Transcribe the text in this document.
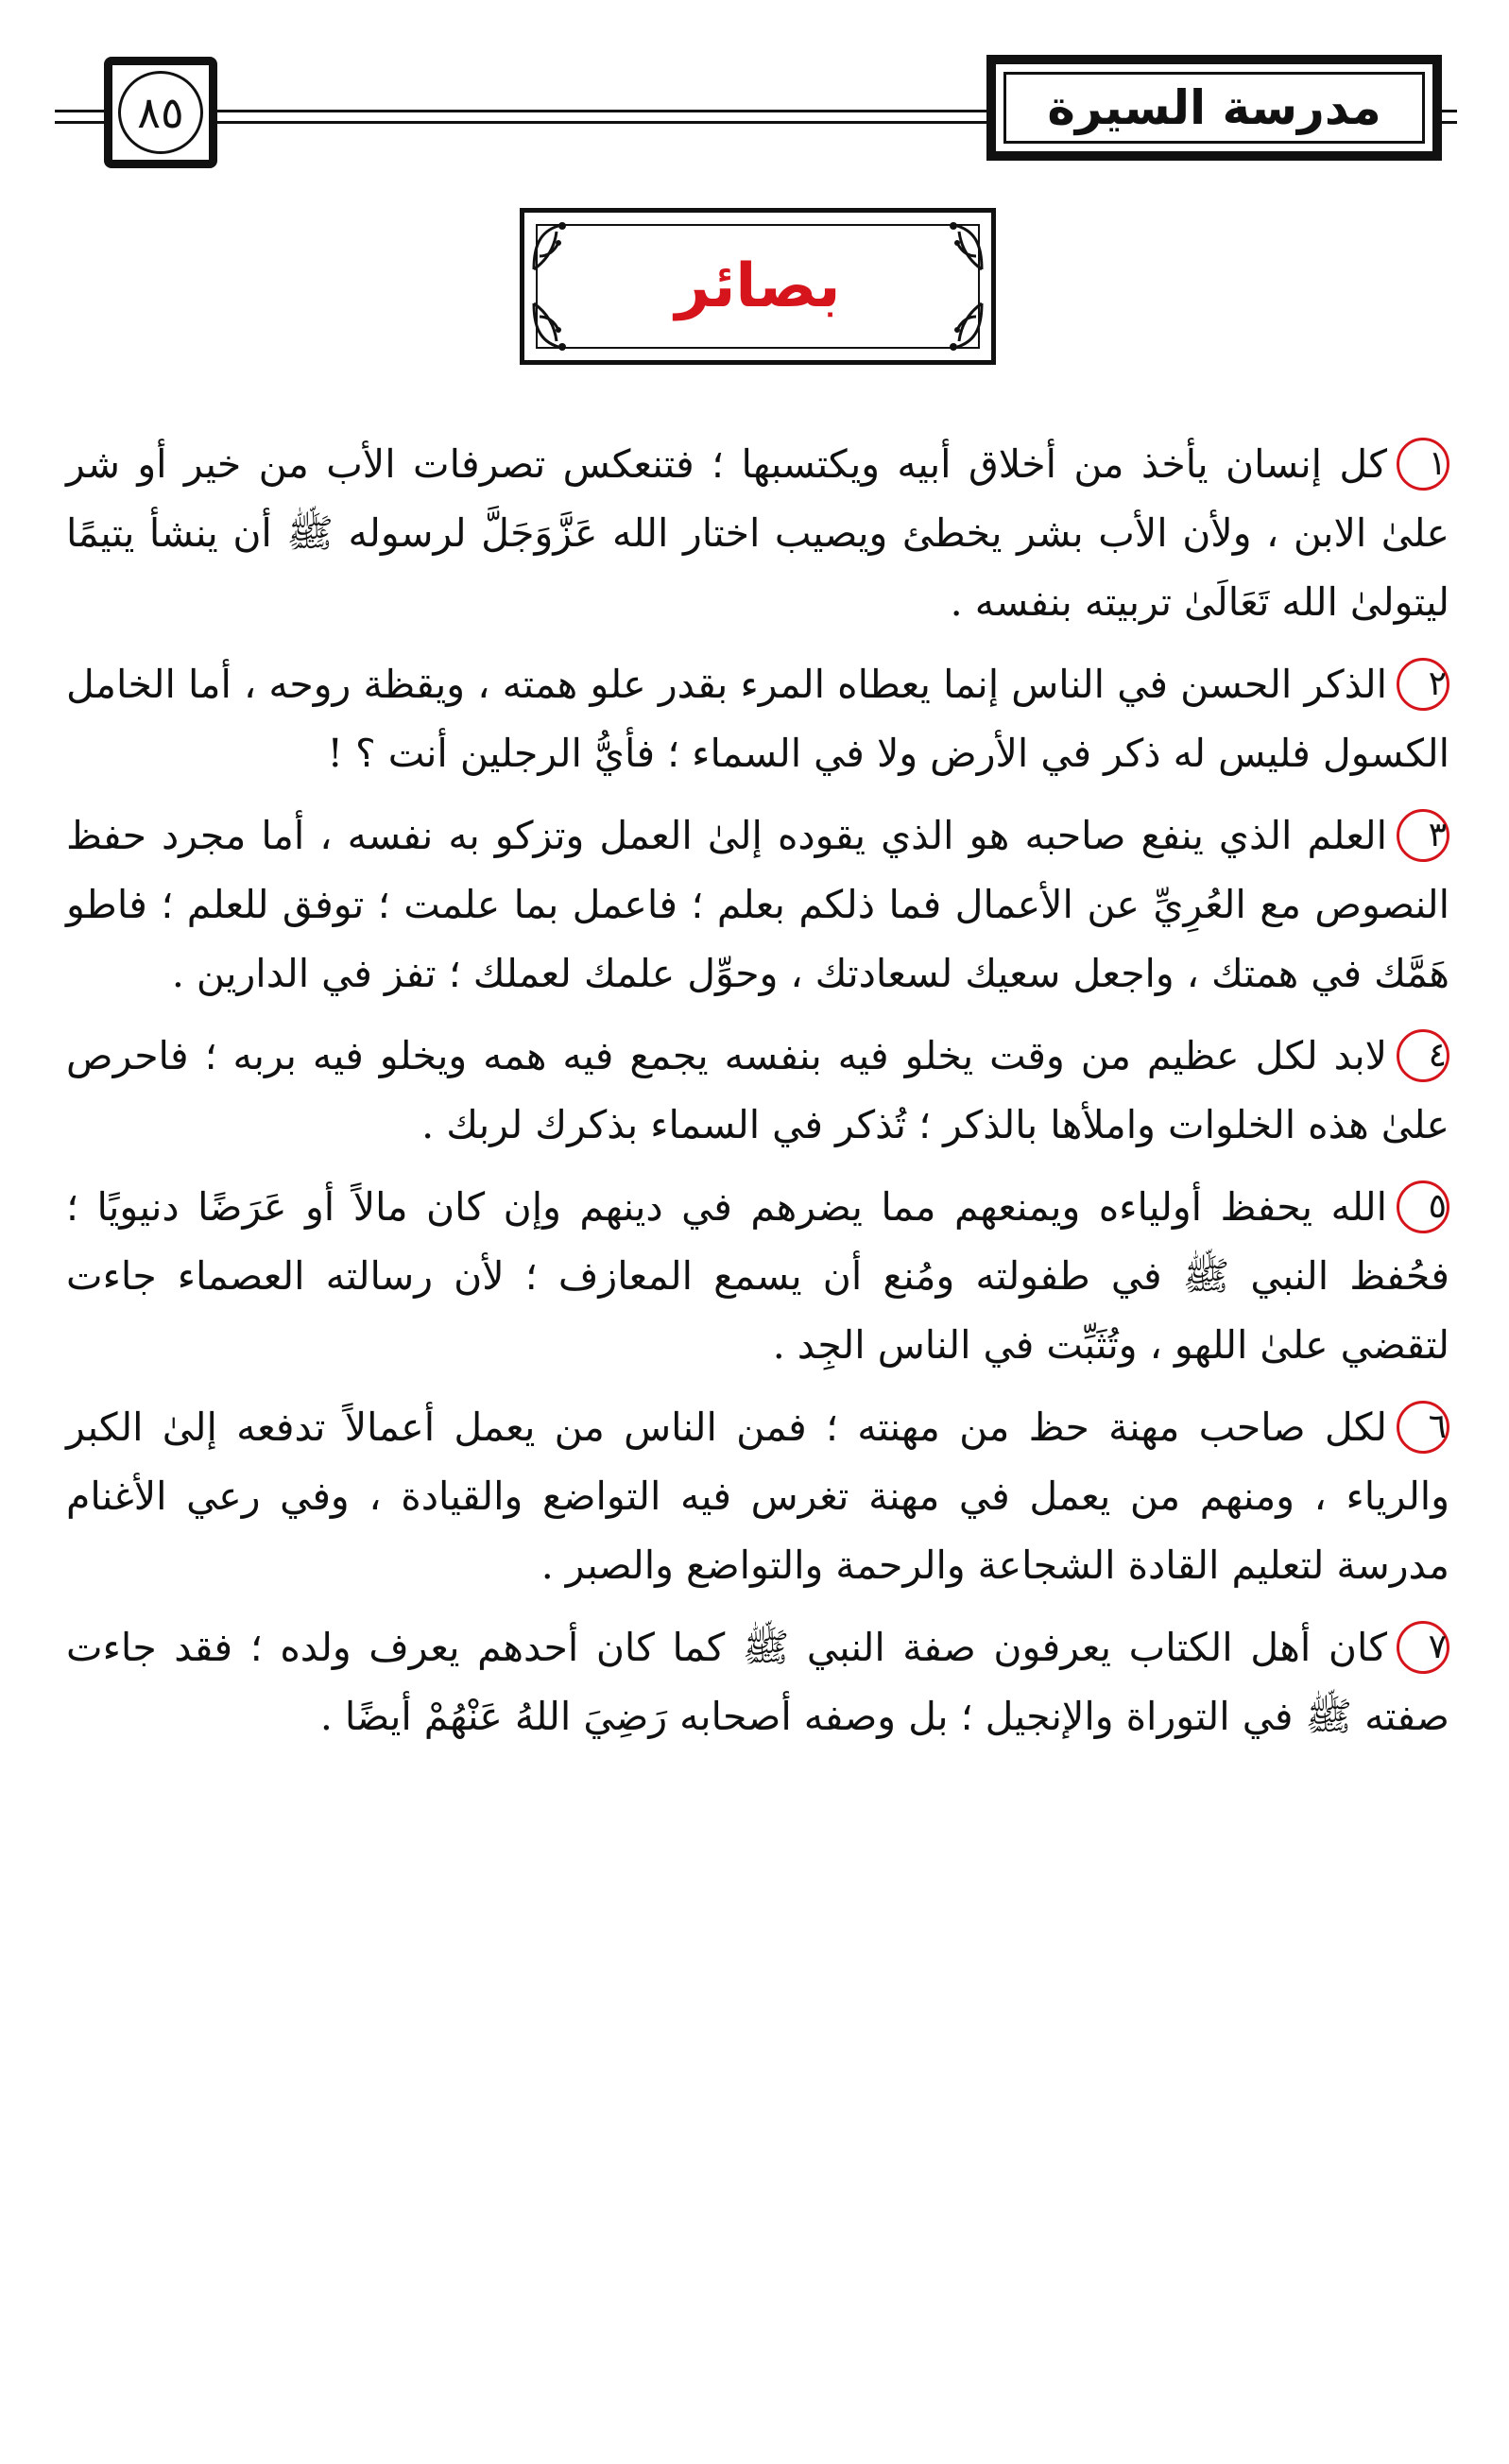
٨٥	مدرسة السيرة
بصائر

١كل إنسان يأخذ من أخلاق أبيه ويكتسبها ؛ فتنعكس تصرفات الأب من خير أو شر علىٰ الابن ، ولأن الأب بشر يخطئ ويصيب اختار الله عَزَّوَجَلَّ لرسوله ﷺ أن ينشأ يتيمًا ليتولىٰ الله تَعَالَىٰ تربيته بنفسه .

٢الذكر الحسن في الناس إنما يعطاه المرء بقدر علو همته ، ويقظة روحه ، أما الخامل الكسول فليس له ذكر في الأرض ولا في السماء ؛ فأيُّ الرجلين أنت ؟ !

٣العلم الذي ينفع صاحبه هو الذي يقوده إلىٰ العمل وتزكو به نفسه ، أما مجرد حفظ النصوص مع العُرِيِّ عن الأعمال فما ذلكم بعلم ؛ فاعمل بما علمت ؛ توفق للعلم ؛ فاطو هَمَّك في همتك ، واجعل سعيك لسعادتك ، وحوِّل علمك لعملك ؛ تفز في الدارين .

٤لابد لكل عظيم من وقت يخلو فيه بنفسه يجمع فيه همه ويخلو فيه بربه ؛ فاحرص علىٰ هذه الخلوات واملأها بالذكر ؛ تُذكر في السماء بذكرك لربك .

٥الله يحفظ أولياءه ويمنعهم مما يضرهم في دينهم وإن كان مالاً أو عَرَضًا دنيويًا ؛ فحُفظ النبي ﷺ في طفولته ومُنع أن يسمع المعازف ؛ لأن رسالته العصماء جاءت لتقضي علىٰ اللهو ، وتُثَبِّت في الناس الجِد .

٦لكل صاحب مهنة حظ من مهنته ؛ فمن الناس من يعمل أعمالاً تدفعه إلىٰ الكبر والرياء ، ومنهم من يعمل في مهنة تغرس فيه التواضع والقيادة ، وفي رعي الأغنام مدرسة لتعليم القادة الشجاعة والرحمة والتواضع والصبر .

٧كان أهل الكتاب يعرفون صفة النبي ﷺ كما كان أحدهم يعرف ولده ؛ فقد جاءت صفته ﷺ في التوراة والإنجيل ؛ بل وصفه أصحابه رَضِيَ اللهُ عَنْهُمْ أيضًا .
